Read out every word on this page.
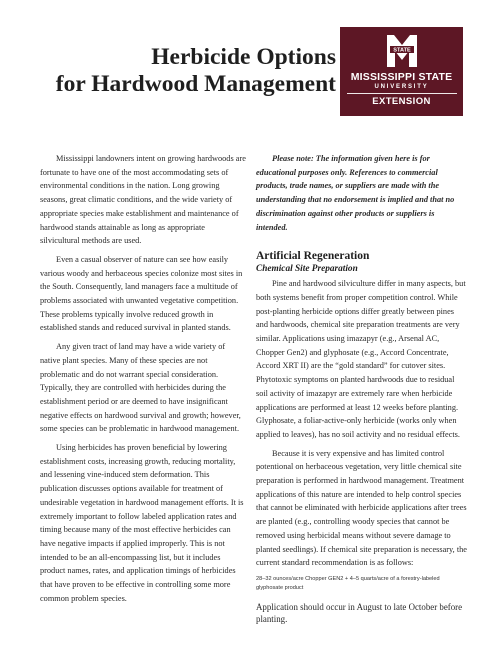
Herbicide Options
for Hardwood Management
STATE
MISSISSIPPI STATE
UNIVERSITY
EXTENSION

Mississippi landowners intent on growing hardwoods are fortunate to have one of the most accommodating sets of environmental conditions in the nation. Long growing seasons, great climatic conditions, and the wide variety of appropriate species make establishment and maintenance of hardwood stands attainable as long as appropriate silvicultural methods are used.

Even a casual observer of nature can see how easily various woody and herbaceous species colonize most sites in the South. Consequently, land managers face a multitude of problems associated with unwanted vegetative competition. These problems typically involve reduced growth in established stands and reduced survival in planted stands.

Any given tract of land may have a wide variety of native plant species. Many of these species are not problematic and do not warrant special consideration. Typically, they are controlled with herbicides during the establishment period or are deemed to have insignificant negative effects on hardwood survival and growth; however, some species can be problematic in hardwood management.

Using herbicides has proven beneficial by lowering establishment costs, increasing growth, reducing mortality, and lessening vine-induced stem deformation. This publication discusses options available for treatment of undesirable vegetation in hardwood management efforts. It is extremely important to follow labeled application rates and timing because many of the most effective herbicides can have negative impacts if applied improperly. This is not intended to be an all-encompassing list, but it includes product names, rates, and application timings of herbicides that have proven to be effective in controlling some more common problem species.

Please note: The information given here is for educational purposes only. References to commercial products, trade names, or suppliers are made with the understanding that no endorsement is implied and that no discrimination against other products or suppliers is intended.

Artificial Regeneration
Chemical Site Preparation

Pine and hardwood silviculture differ in many aspects, but both systems benefit from proper competition control. While post-planting herbicide options differ greatly between pines and hardwoods, chemical site preparation treatments are very similar. Applications using imazapyr (e.g., Arsenal AC, Chopper Gen2) and glyphosate (e.g., Accord Concentrate, Accord XRT II) are the “gold standard” for cutover sites. Phytotoxic symptoms on planted hardwoods due to residual soil activity of imazapyr are extremely rare when herbicide applications are performed at least 12 weeks before planting. Glyphosate, a foliar-active-only herbicide (works only when applied to leaves), has no soil activity and no residual effects.

Because it is very expensive and has limited control potentional on herbaceous vegetation, very little chemical site preparation is performed in hardwood management. Treatment applications of this nature are intended to help control species that cannot be eliminated with herbicide applications after trees are planted (e.g., controlling woody species that cannot be removed using herbicidal means without severe damage to planted seedlings). If chemical site preparation is necessary, the current standard recommendation is as follows:

28–32 ounces/acre Chopper GEN2 + 4–5 quarts/acre of a forestry-labeled glyphosate product

Application should occur in August to late October before planting.
